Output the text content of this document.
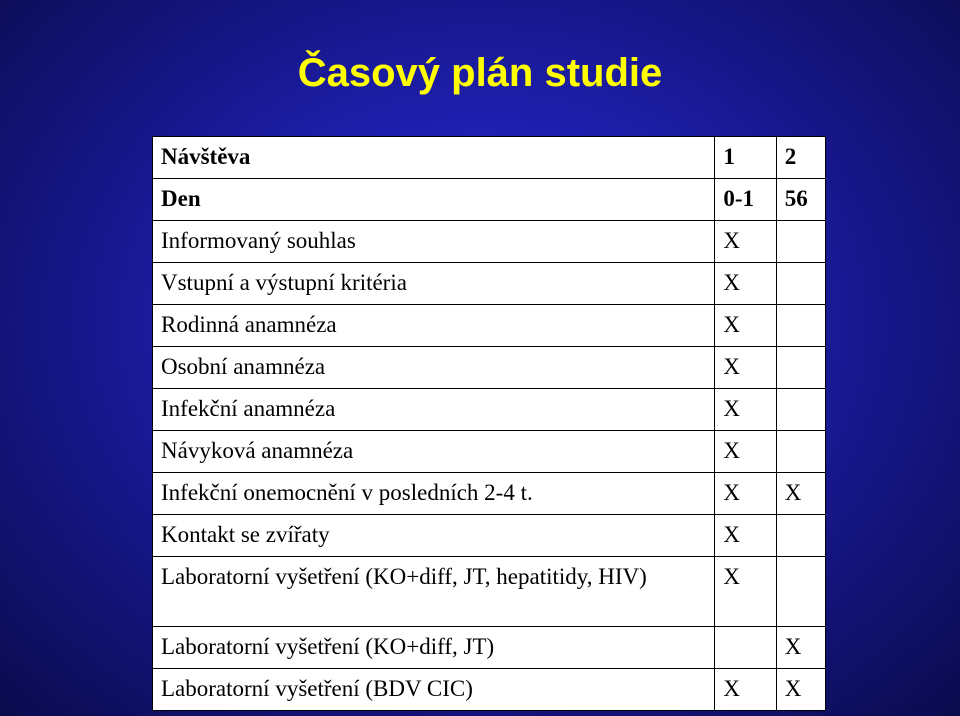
Časový plán studie
Návštěva	1	2
Den	0-1	56
Informovaný souhlas	X	
Vstupní a výstupní kritéria	X	
Rodinná anamnéza	X	
Osobní anamnéza	X	
Infekční anamnéza	X	
Návyková anamnéza	X	
Infekční onemocnění v posledních 2-4 t.	X	X
Kontakt se zvířaty	X	
Laboratorní vyšetření (KO+diff, JT, hepatitidy, HIV)	X	
Laboratorní vyšetření (KO+diff, JT)		X
Laboratorní vyšetření (BDV CIC)	X	X
